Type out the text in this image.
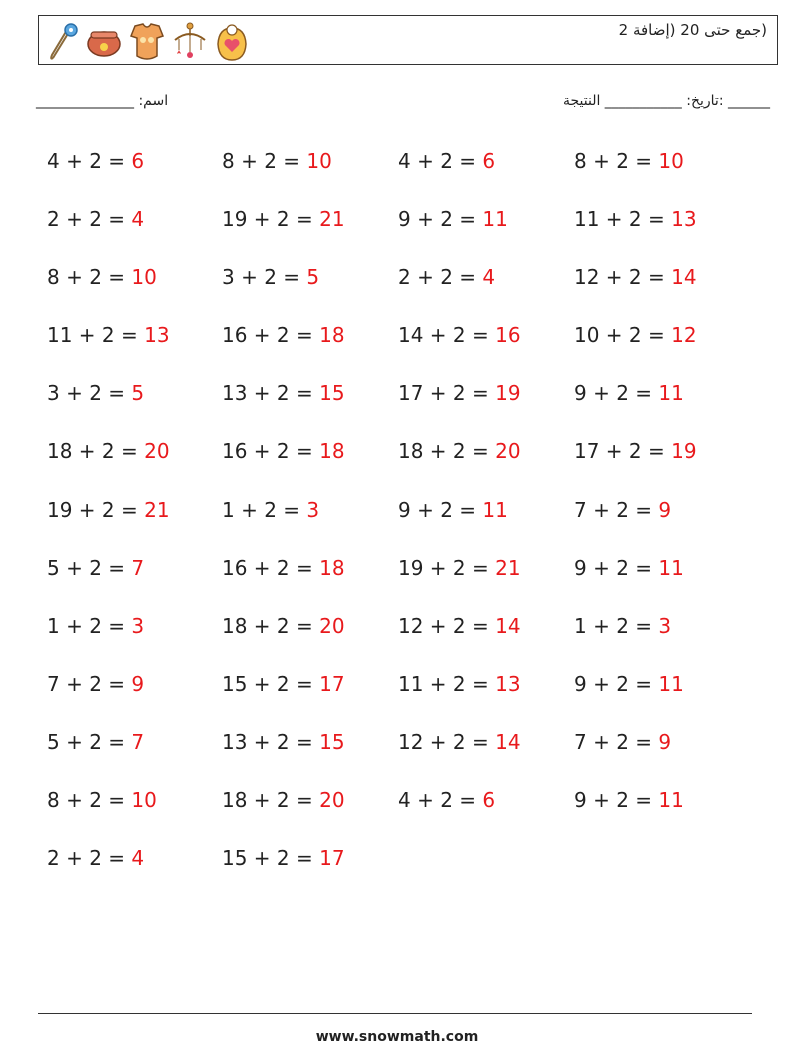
(جمع حتى 20 (إضافة 2
اسم: ______________	______ :تاريخ: ___________ النتيجة
4 + 2 = 6	8 + 2 = 10	4 + 2 = 6	8 + 2 = 10
2 + 2 = 4	19 + 2 = 21	9 + 2 = 11	11 + 2 = 13
8 + 2 = 10	3 + 2 = 5	2 + 2 = 4	12 + 2 = 14
11 + 2 = 13	16 + 2 = 18	14 + 2 = 16	10 + 2 = 12
3 + 2 = 5	13 + 2 = 15	17 + 2 = 19	9 + 2 = 11
18 + 2 = 20	16 + 2 = 18	18 + 2 = 20	17 + 2 = 19
19 + 2 = 21	1 + 2 = 3	9 + 2 = 11	7 + 2 = 9
5 + 2 = 7	16 + 2 = 18	19 + 2 = 21	9 + 2 = 11
1 + 2 = 3	18 + 2 = 20	12 + 2 = 14	1 + 2 = 3
7 + 2 = 9	15 + 2 = 17	11 + 2 = 13	9 + 2 = 11
5 + 2 = 7	13 + 2 = 15	12 + 2 = 14	7 + 2 = 9
8 + 2 = 10	18 + 2 = 20	4 + 2 = 6	9 + 2 = 11
2 + 2 = 4	15 + 2 = 17
www.snowmath.com
